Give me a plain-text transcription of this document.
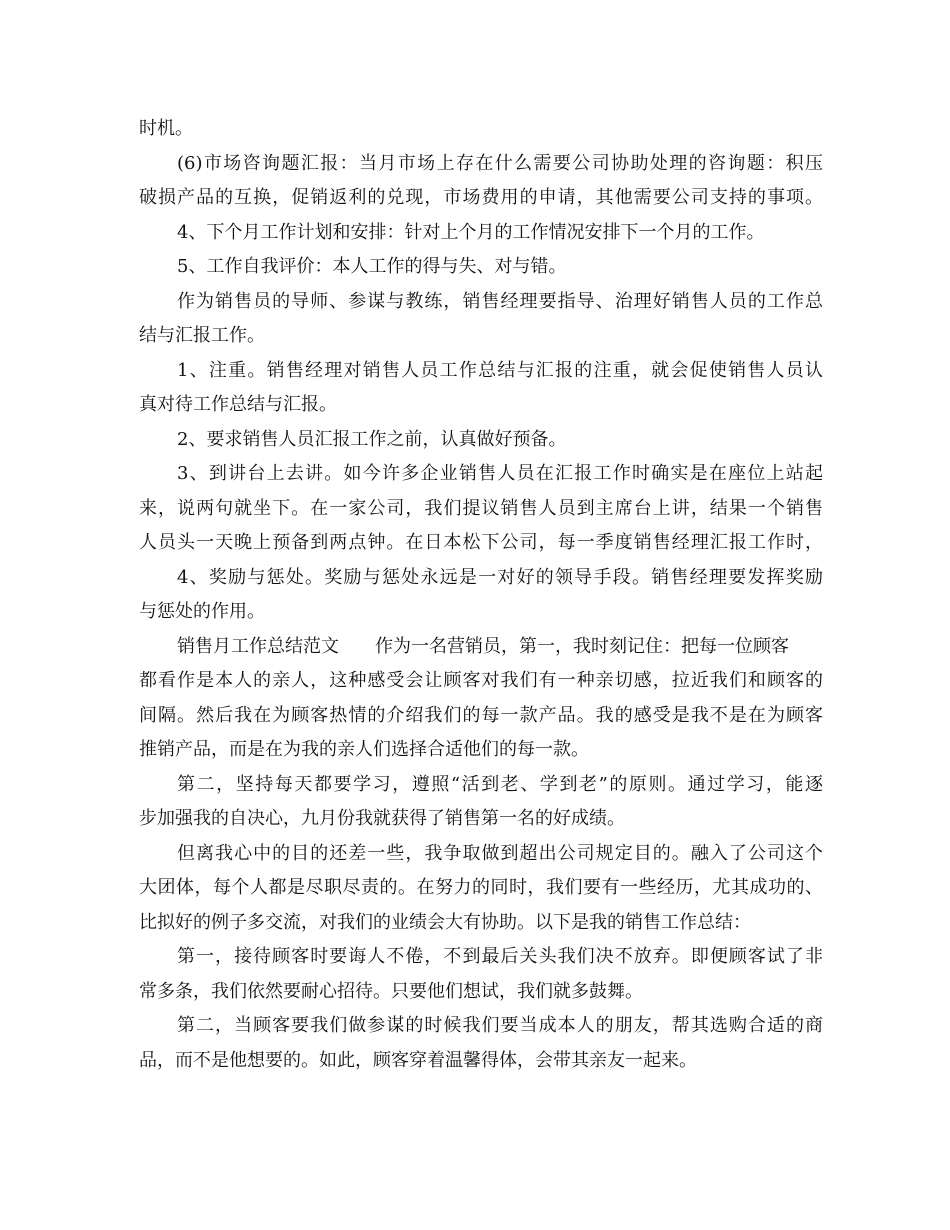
时机。
(6)市场咨询题汇报：当月市场上存在什么需要公司协助处理的咨询题：积压
破损产品的互换，促销返利的兑现，市场费用的申请，其他需要公司支持的事项。
4、下个月工作计划和安排：针对上个月的工作情况安排下一个月的工作。
5、工作自我评价：本人工作的得与失、对与错。
作为销售员的导师、参谋与教练，销售经理要指导、治理好销售人员的工作总
结与汇报工作。
1、注重。销售经理对销售人员工作总结与汇报的注重，就会促使销售人员认
真对待工作总结与汇报。
2、要求销售人员汇报工作之前，认真做好预备。
3、到讲台上去讲。如今许多企业销售人员在汇报工作时确实是在座位上站起
来，说两句就坐下。在一家公司，我们提议销售人员到主席台上讲，结果一个销售
人员头一天晚上预备到两点钟。在日本松下公司，每一季度销售经理汇报工作时，
4、奖励与惩处。奖励与惩处永远是一对好的领导手段。销售经理要发挥奖励
与惩处的作用。
销售月工作总结范文 作为一名营销员，第一，我时刻记住：把每一位顾客
都看作是本人的亲人，这种感受会让顾客对我们有一种亲切感，拉近我们和顾客的
间隔。然后我在为顾客热情的介绍我们的每一款产品。我的感受是我不是在为顾客
推销产品，而是在为我的亲人们选择合适他们的每一款。
第二，坚持每天都要学习，遵照“活到老、学到老”的原则。通过学习，能逐
步加强我的自决心，九月份我就获得了销售第一名的好成绩。
但离我心中的目的还差一些，我争取做到超出公司规定目的。融入了公司这个
大团体，每个人都是尽职尽责的。在努力的同时，我们要有一些经历，尤其成功的、
比拟好的例子多交流，对我们的业绩会大有协助。以下是我的销售工作总结：
第一，接待顾客时要诲人不倦，不到最后关头我们决不放弃。即便顾客试了非
常多条，我们依然要耐心招待。只要他们想试，我们就多鼓舞。
第二，当顾客要我们做参谋的时候我们要当成本人的朋友，帮其选购合适的商
品，而不是他想要的。如此，顾客穿着温馨得体，会带其亲友一起来。
